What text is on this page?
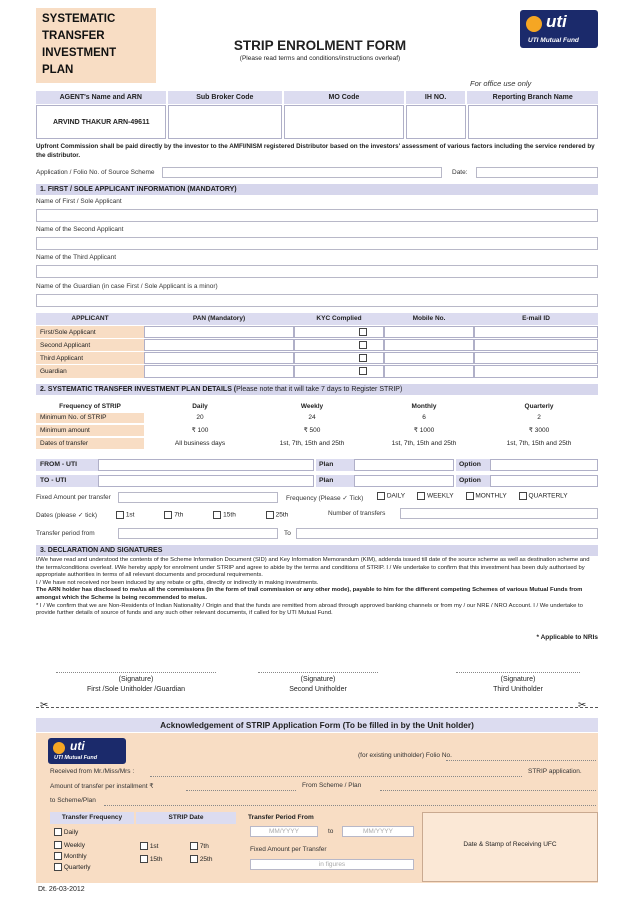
SYSTEMATIC
TRANSFER
INVESTMENT
PLAN
STRIP ENROLMENT FORM
(Please read terms and conditions/instructions overleaf)
uti
UTI Mutual Fund
For office use only
AGENT's Name and ARN	Sub Broker Code	MO Code	IH NO.	Reporting Branch Name
ARVIND THAKUR ARN-49611
Upfront Commission shall be paid directly by the investor to the AMFI/NISM registered Distributor based on the investors' assessment of various factors including the service rendered by the distributor.
Application / Folio No. of Source Scheme	Date:
1. FIRST / SOLE APPLICANT INFORMATION (MANDATORY)
Name of First / Sole Applicant
Name of the Second Applicant
Name of the Third Applicant
Name of the Guardian (in case First / Sole Applicant is a minor)
APPLICANT	PAN (Mandatory)	KYC Complied	Mobile No.	E-mail ID
First/Sole Applicant
Second Applicant
Third Applicant
Guardian
2. SYSTEMATIC TRANSFER INVESTMENT PLAN DETAILS (Please note that it will take 7 days to Register STRIP)
Frequency of STRIP	Daily	Weekly	Monthly	Quarterly
Minimum No. of STRIP	20	24	6	2
Minimum amount	₹ 100	₹ 500	₹ 1000	₹ 3000
Dates of transfer	All business days	1st, 7th, 15th and 25th	1st, 7th, 15th and 25th	1st, 7th, 15th and 25th
FROM - UTI	Plan	Option
TO - UTI	Plan	Option
Fixed Amount per transfer	Frequency (Please ✓ Tick)	DAILY	WEEKLY	MONTHLY	QUARTERLY
Dates (please ✓ tick)	1st	7th	15th	25th	Number of transfers
Transfer period from	To
3. DECLARATION AND SIGNATURES
I/We have read and understood the contents of the Scheme Information Document (SID) and Key Information Memorandum (KIM), addenda issued till date of the source scheme as well as destination scheme and the terms/conditions overleaf. I/We hereby apply for enrolment under STRIP and agree to abide by the terms and conditions of STRIP. I / We undertake to confirm that this investment has been duly authorised by appropriate authorities in terms of all relevant documents and procedural requirements.
I / We have not received nor been induced by any rebate or gifts, directly or indirectly in making investments.
The ARN holder has disclosed to me/us all the commissions (in the form of trail commission or any other mode), payable to him for the different competing Schemes of various Mutual Funds from amongst which the Scheme is being recommended to me/us.
* I / We confirm that we are Non-Residents of Indian Nationality / Origin and that the funds are remitted from abroad through approved banking channels or from my / our NRE / NRO Account. I / We undertake to provide further details of source of funds and any such other relevant documents, if called for by UTI Mutual Fund.
* Applicable to NRIs
(Signature)
First /Sole Unitholder /Guardian
(Signature)
Second Unitholder
(Signature)
Third Unitholder
✂	✂
Acknowledgement of STRIP Application Form (To be filled in by the Unit holder)
uti
UTI Mutual Fund	(for existing unitholder) Folio No.
Received from Mr./Miss/Mrs :	STRIP application.
Amount of transfer per installment ₹	From Scheme / Plan
to Scheme/Plan
Transfer Frequency	STRIP Date	Transfer Period From
Daily
Weekly
Monthly
Quarterly
1st	7th
15th	25th
MM/YYYY	to	MM/YYYY
Fixed Amount per Transfer
in figures
Date & Stamp of Receiving UFC
Dt. 26-03-2012
